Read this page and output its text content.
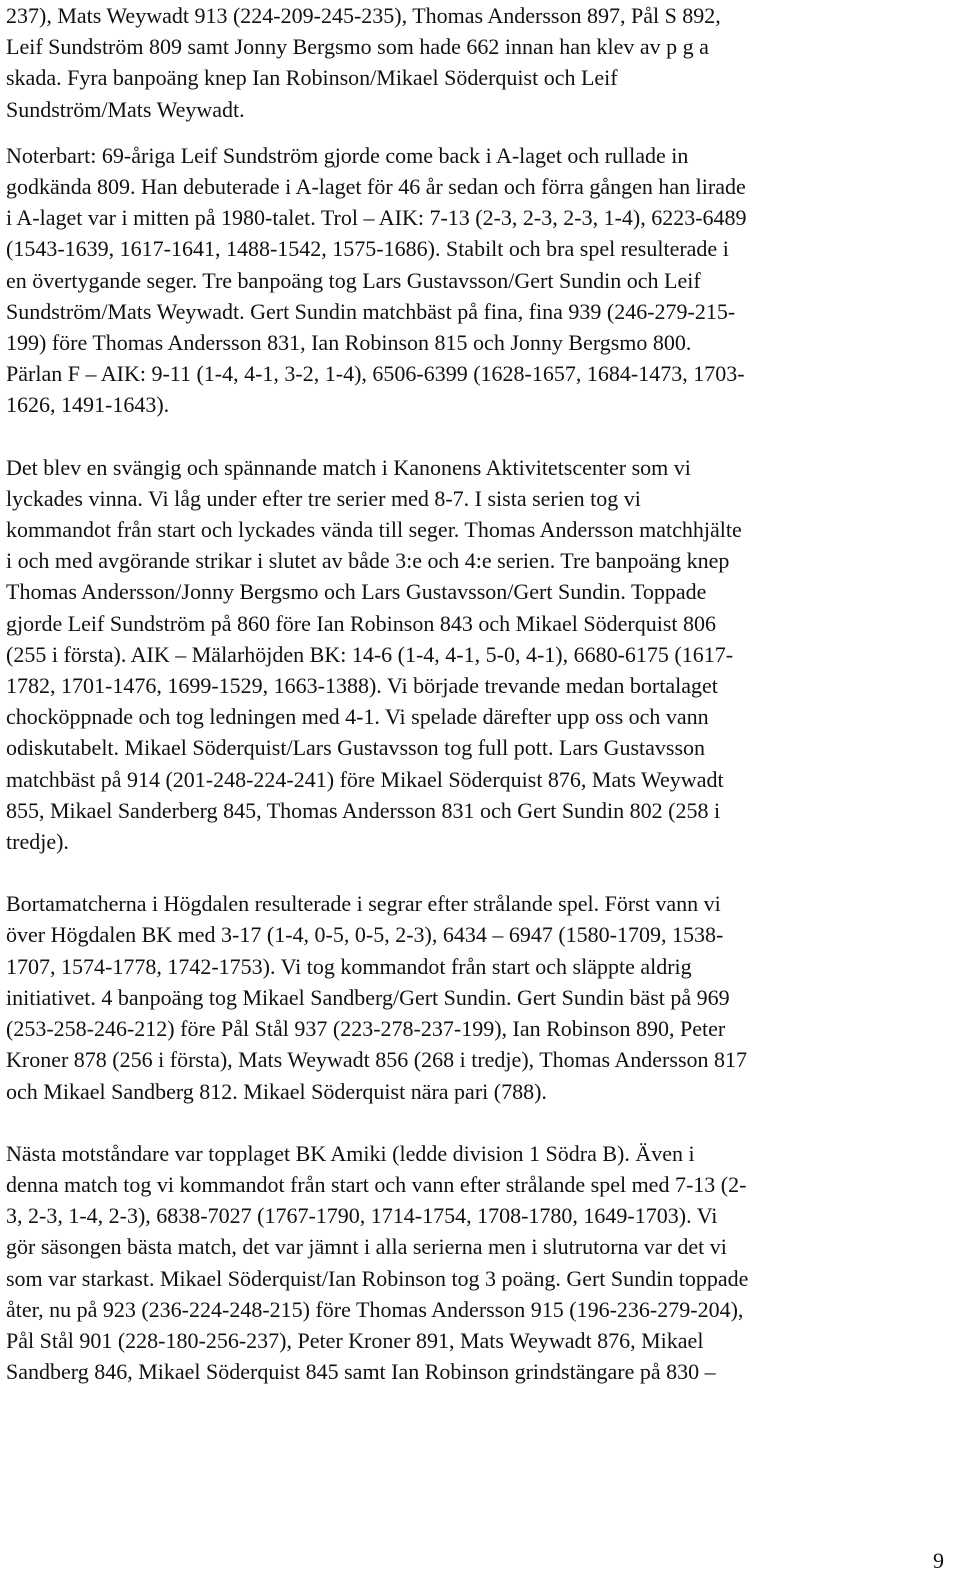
237), Mats Weywadt 913 (224-209-245-235), Thomas Andersson 897, Pål S 892,
Leif Sundström 809 samt Jonny Bergsmo som hade 662 innan han klev av p g a
skada. Fyra banpoäng knep Ian Robinson/Mikael Söderquist och Leif
Sundström/Mats Weywadt.
Noterbart: 69-åriga Leif Sundström gjorde come back i A-laget och rullade in
godkända 809. Han debuterade i A-laget för 46 år sedan och förra gången han lirade
i A-laget var i mitten på 1980-talet. Trol – AIK: 7-13 (2-3, 2-3, 2-3, 1-4), 6223-6489
(1543-1639, 1617-1641, 1488-1542, 1575-1686). Stabilt och bra spel resulterade i
en övertygande seger. Tre banpoäng tog Lars Gustavsson/Gert Sundin och Leif
Sundström/Mats Weywadt. Gert Sundin matchbäst på fina, fina 939 (246-279-215-
199) före Thomas Andersson 831, Ian Robinson 815 och Jonny Bergsmo 800.
Pärlan F – AIK: 9-11 (1-4, 4-1, 3-2, 1-4), 6506-6399 (1628-1657, 1684-1473, 1703-
1626, 1491-1643).
Det blev en svängig och spännande match i Kanonens Aktivitetscenter som vi
lyckades vinna. Vi låg under efter tre serier med 8-7. I sista serien tog vi
kommandot från start och lyckades vända till seger. Thomas Andersson matchhjälte
i och med avgörande strikar i slutet av både 3:e och 4:e serien. Tre banpoäng knep
Thomas Andersson/Jonny Bergsmo och Lars Gustavsson/Gert Sundin. Toppade
gjorde Leif Sundström på 860 före Ian Robinson 843 och Mikael Söderquist 806
(255 i första). AIK – Mälarhöjden BK: 14-6 (1-4, 4-1, 5-0, 4-1), 6680-6175 (1617-
1782, 1701-1476, 1699-1529, 1663-1388). Vi började trevande medan bortalaget
chocköppnade och tog ledningen med 4-1. Vi spelade därefter upp oss och vann
odiskutabelt. Mikael Söderquist/Lars Gustavsson tog full pott. Lars Gustavsson
matchbäst på 914 (201-248-224-241) före Mikael Söderquist 876, Mats Weywadt
855, Mikael Sanderberg 845, Thomas Andersson 831 och Gert Sundin 802 (258 i
tredje).
Bortamatcherna i Högdalen resulterade i segrar efter strålande spel. Först vann vi
över Högdalen BK med 3-17 (1-4, 0-5, 0-5, 2-3), 6434 – 6947 (1580-1709, 1538-
1707, 1574-1778, 1742-1753). Vi tog kommandot från start och släppte aldrig
initiativet. 4 banpoäng tog Mikael Sandberg/Gert Sundin. Gert Sundin bäst på 969
(253-258-246-212) före Pål Stål 937 (223-278-237-199), Ian Robinson 890, Peter
Kroner 878 (256 i första), Mats Weywadt 856 (268 i tredje), Thomas Andersson 817
och Mikael Sandberg 812. Mikael Söderquist nära pari (788).
Nästa motståndare var topplaget BK Amiki (ledde division 1 Södra B). Även i
denna match tog vi kommandot från start och vann efter strålande spel med 7-13 (2-
3, 2-3, 1-4, 2-3), 6838-7027 (1767-1790, 1714-1754, 1708-1780, 1649-1703). Vi
gör säsongen bästa match, det var jämnt i alla serierna men i slutrutorna var det vi
som var starkast. Mikael Söderquist/Ian Robinson tog 3 poäng. Gert Sundin toppade
åter, nu på 923 (236-224-248-215) före Thomas Andersson 915 (196-236-279-204),
Pål Stål 901 (228-180-256-237), Peter Kroner 891, Mats Weywadt 876, Mikael
Sandberg 846, Mikael Söderquist 845 samt Ian Robinson grindstängare på 830 –
9
